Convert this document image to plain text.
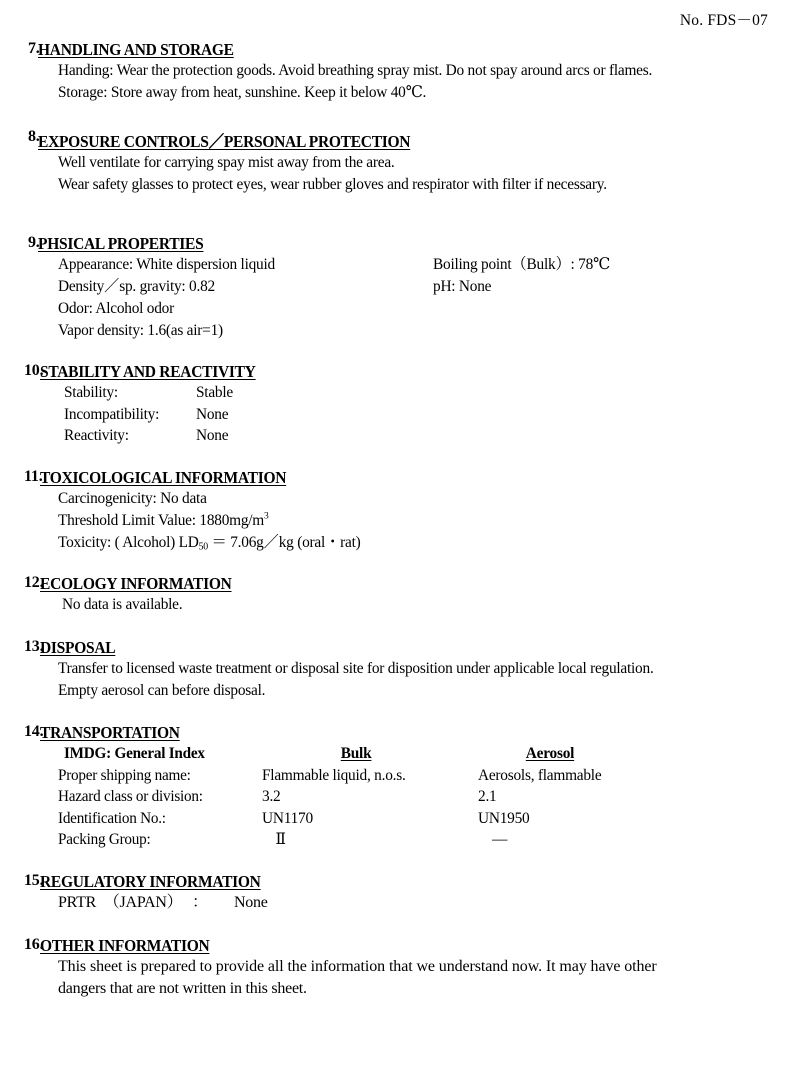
No. FDS－07
7.
HANDLING AND STORAGE
Handing: Wear the protection goods. Avoid breathing spray mist. Do not spay around arcs or flames.
Storage: Store away from heat, sunshine. Keep it below 40℃.
8.
EXPOSURE CONTROLS／PERSONAL PROTECTION
Well ventilate for carrying spay mist away from the area.
Wear safety glasses to protect eyes, wear rubber gloves and respirator with filter if necessary.
9.
PHSICAL PROPERTIES
Appearance: White dispersion liquid	Boiling point（Bulk）: 78℃
Density／sp. gravity: 0.82	pH: None
Odor: Alcohol odor
Vapor density: 1.6(as air=1)
10.
STABILITY AND REACTIVITY
Stability:	Stable
Incompatibility:	None
Reactivity:	None
11.
TOXICOLOGICAL INFORMATION
Carcinogenicity: No data
Threshold Limit Value: $1880mg/m^3$
Toxicity: ( Alcohol) $LD_{50}$ ＝ 7.06g／kg (oral・rat)
12.
ECOLOGY INFORMATION
No data is available.
13.
DISPOSAL
Transfer to licensed waste treatment or disposal site for disposition under applicable local regulation.
Empty aerosol can before disposal.
14.
TRANSPORTATION
IMDG: General Index	Bulk	Aerosol
Proper shipping name:	Flammable liquid, n.o.s.	Aerosols, flammable
Hazard class or division:	3.2	2.1
Identification No.:	UN1170	UN1950
Packing Group:	Ⅱ	―
15.
REGULATORY INFORMATION
PRTR　（JAPAN） ：	None
16.
OTHER INFORMATION
This sheet is prepared to provide all the information that we understand now. It may have other
dangers that are not written in this sheet.
